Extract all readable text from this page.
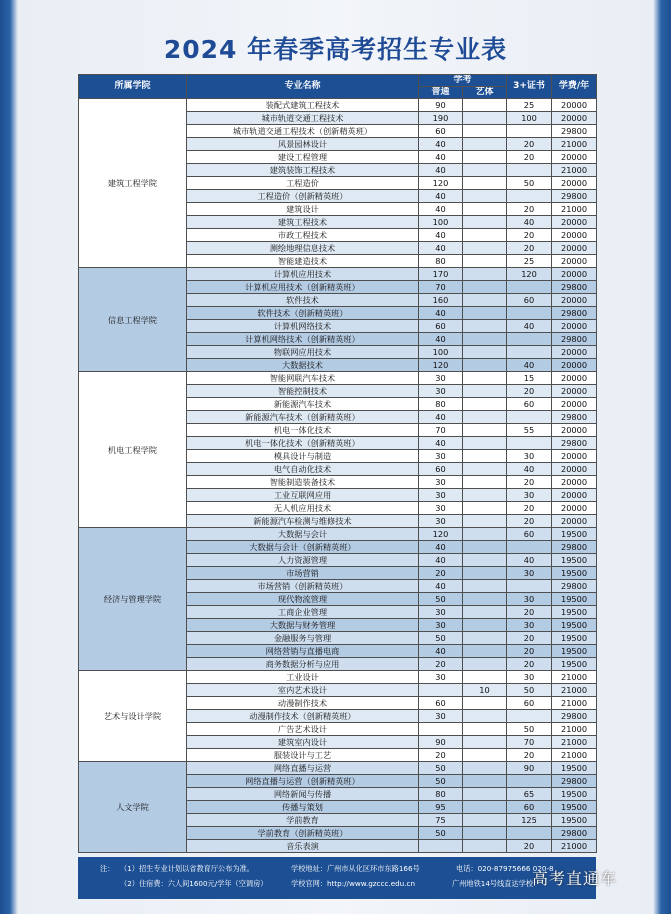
2024 年春季高考招生专业表
所属学院	专业名称	学考		3+证书	学费/年
		普通	艺体		
建筑工程学院	装配式建筑工程技术	90		25	20000
	城市轨道交通工程技术	190		100	20000
	城市轨道交通工程技术（创新精英班）	60			29800
	风景园林设计	40		20	21000
	建设工程管理	40		20	20000
	建筑装饰工程技术	40			21000
	工程造价	120		50	20000
	工程造价（创新精英班）	40			29800
	建筑设计	40		20	21000
	建筑工程技术	100		40	20000
	市政工程技术	40		20	20000
	测绘地理信息技术	40		20	20000
	智能建造技术	80		25	20000
信息工程学院	计算机应用技术	170		120	20000
	计算机应用技术（创新精英班）	70			29800
	软件技术	160		60	20000
	软件技术（创新精英班）	40			29800
	计算机网络技术	60		40	20000
	计算机网络技术（创新精英班）	40			29800
	物联网应用技术	100			20000
	大数据技术	120		40	20000
机电工程学院	智能网联汽车技术	30		15	20000
	智能控制技术	30		20	20000
	新能源汽车技术	80		60	20000
	新能源汽车技术（创新精英班）	40			29800
	机电一体化技术	70		55	20000
	机电一体化技术（创新精英班）	40			29800
	模具设计与制造	30		30	20000
	电气自动化技术	60		40	20000
	智能制造装备技术	30		20	20000
	工业互联网应用	30		30	20000
	无人机应用技术	30		20	20000
	新能源汽车检测与维修技术	30		20	20000
经济与管理学院	大数据与会计	120		60	19500
	大数据与会计（创新精英班）	40			29800
	人力资源管理	40		40	19500
	市场营销	20		30	19500
	市场营销（创新精英班）	40			29800
	现代物流管理	50		30	19500
	工商企业管理	30		20	19500
	大数据与财务管理	30		30	19500
	金融服务与管理	50		20	19500
	网络营销与直播电商	40		20	19500
	商务数据分析与应用	20		20	19500
艺术与设计学院	工业设计	30		30	21000
	室内艺术设计		10	50	21000
	动漫制作技术	60		60	21000
	动漫制作技术（创新精英班）	30			29800
	广告艺术设计			50	21000
	建筑室内设计	90		70	21000
	服装设计与工艺	20		20	21000
人文学院	网络直播与运营	50		90	19500
	网络直播与运营（创新精英班）	50			29800
	网络新闻与传播	80		65	19500
	传播与策划	95		60	19500
	学前教育	75		125	19500
	学前教育（创新精英班）	50			29800
	音乐表演			20	21000
注： （1）招生专业计划以省教育厅公布为准。
（2）住宿费：六人间1600元/学年（空调房）
学校地址：广州市从化区环市东路166号
学校官网：http://www.gzccc.edu.cn
电话：020-87975666 020-8
广州地铁14号线直达学校
高考直通车
